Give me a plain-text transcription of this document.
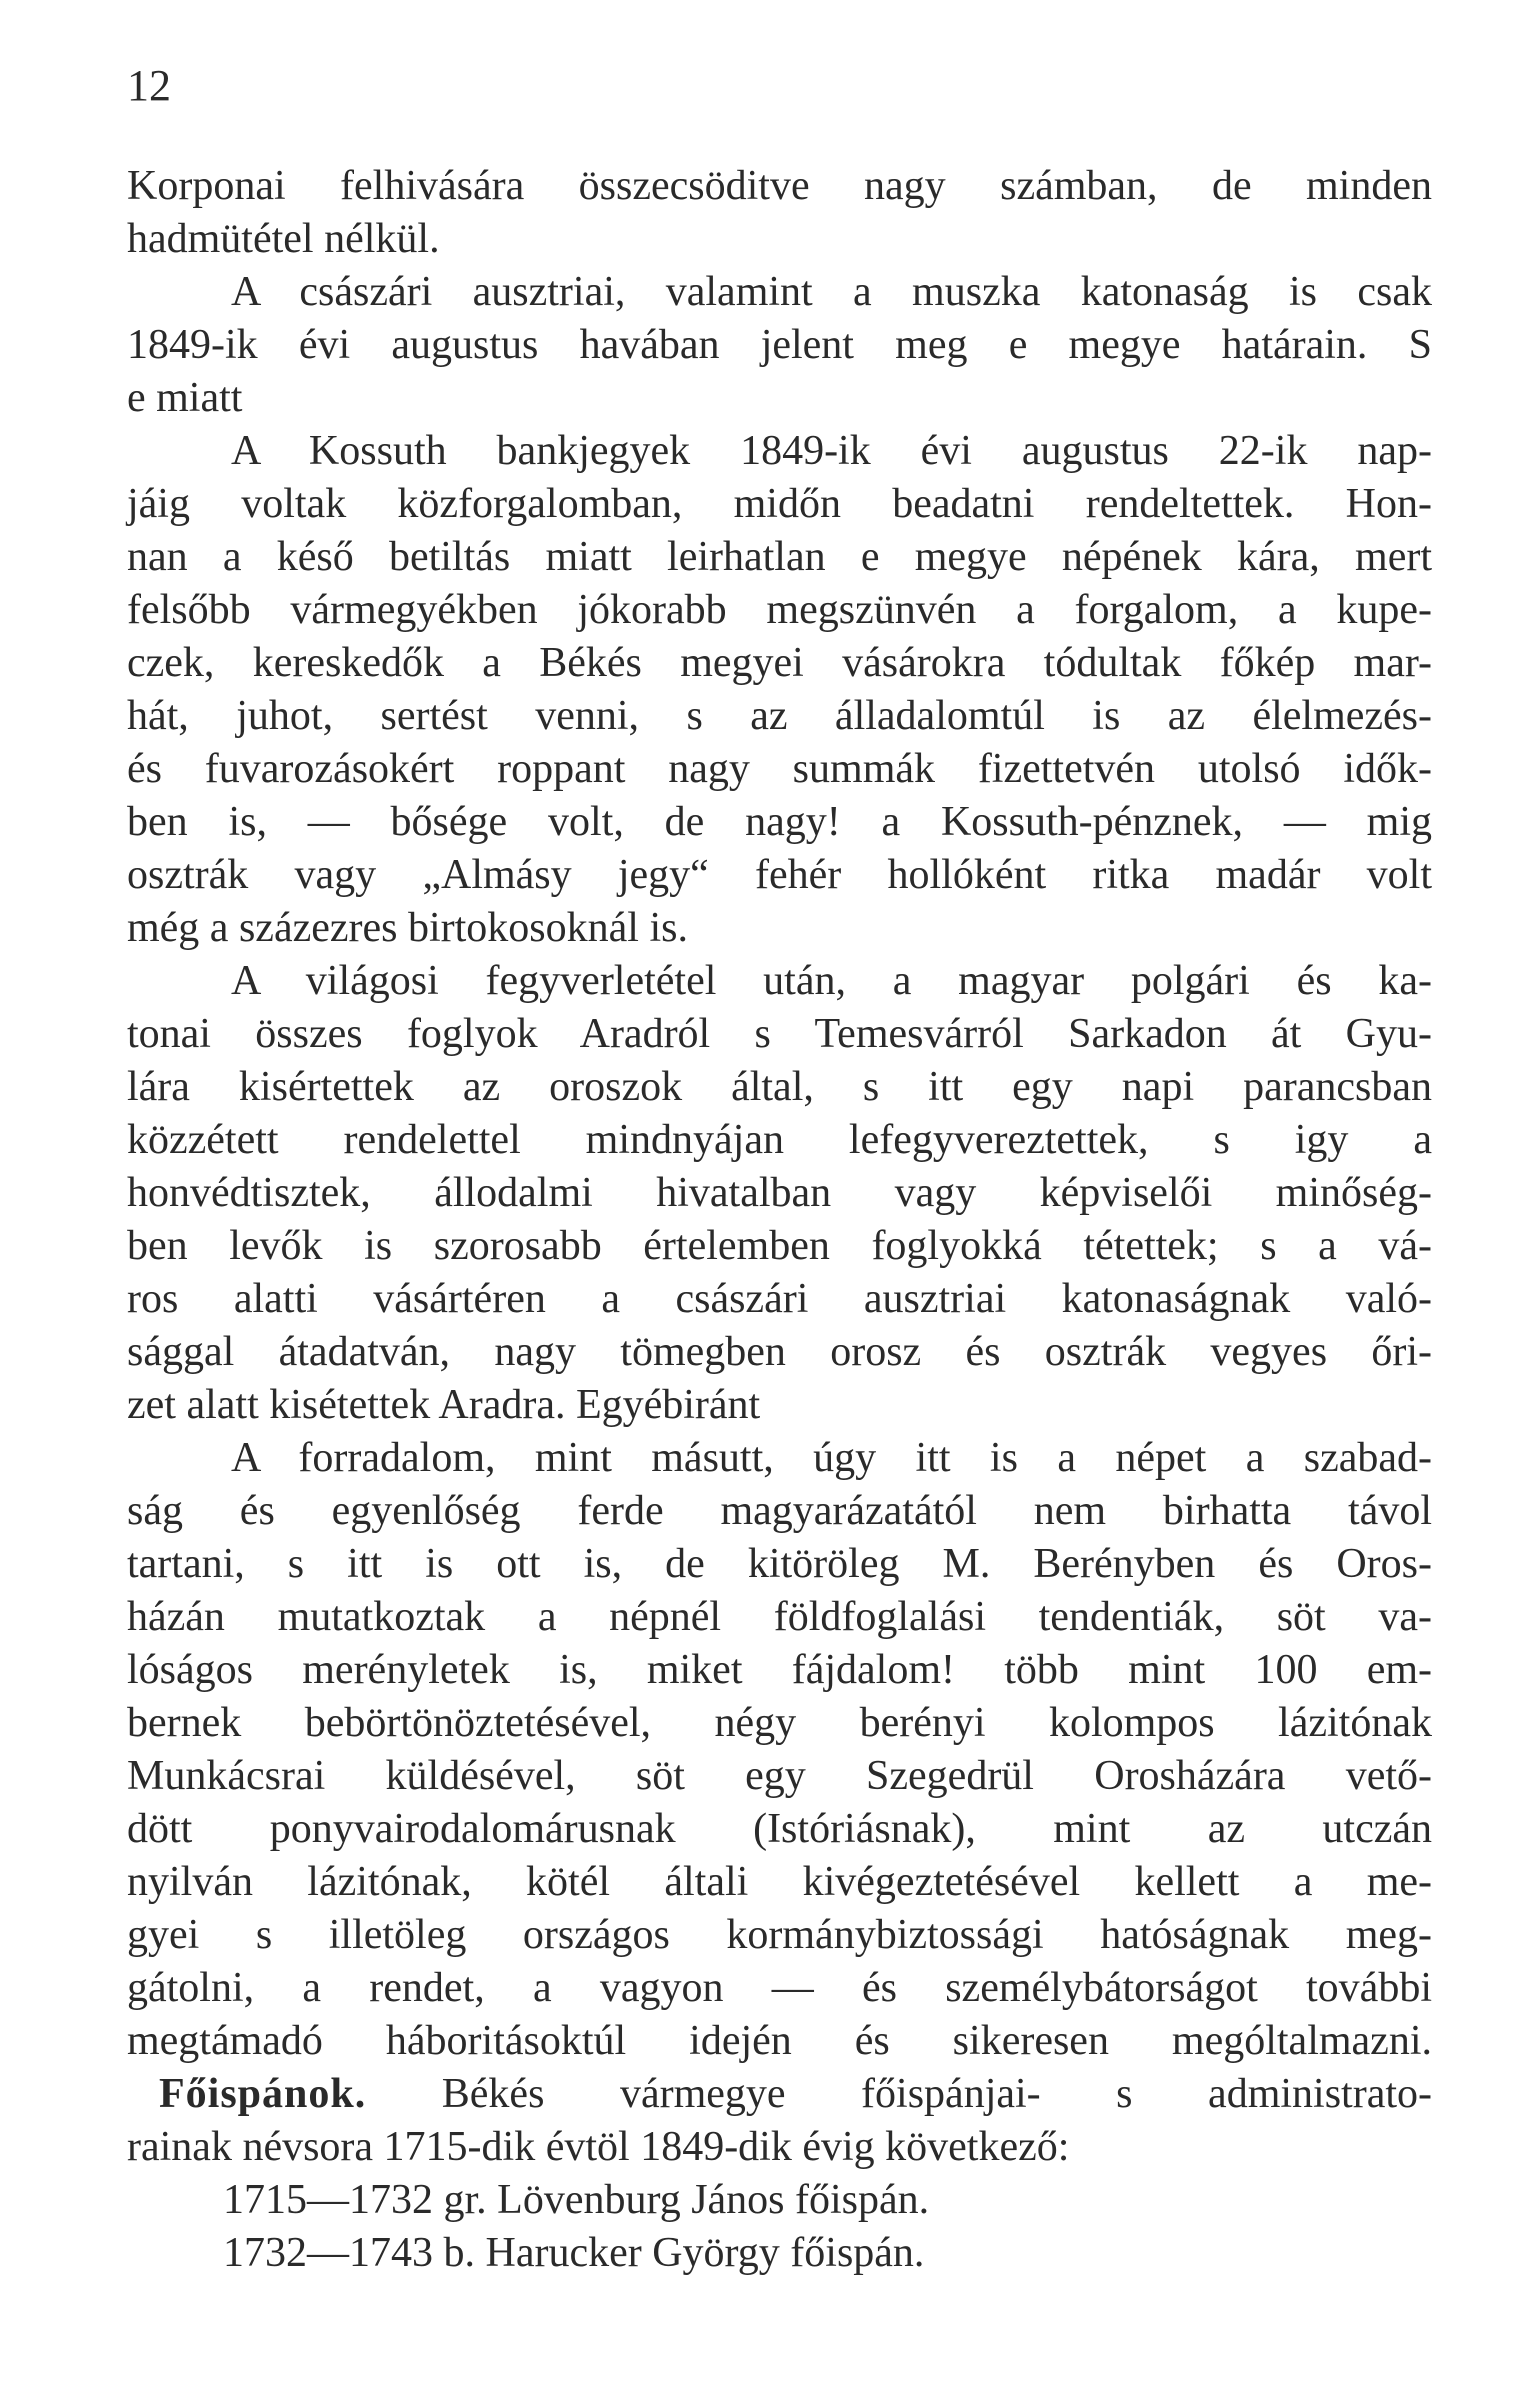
12
Korponai felhivására összecsöditve nagy számban, de minden
hadmütétel nélkül.
A császári ausztriai, valamint a muszka katonaság is csak
1849-ik évi augustus havában jelent meg e megye határain. S
e miatt
A Kossuth bankjegyek 1849-ik évi augustus 22-ik nap-
jáig voltak közforgalomban, midőn beadatni rendeltettek. Hon-
nan a késő betiltás miatt leirhatlan e megye népének kára, mert
felsőbb vármegyékben jókorabb megszünvén a forgalom, a kupe-
czek, kereskedők a Békés megyei vásárokra tódultak főkép mar-
hát, juhot, sertést venni, s az álladalomtúl is az élelmezés-
és fuvarozásokért roppant nagy summák fizettetvén utolsó idők-
ben is, — bősége volt, de nagy! a Kossuth-pénznek, — mig
osztrák vagy „Almásy jegy“ fehér hollóként ritka madár volt
még a százezres birtokosoknál is.
A világosi fegyverletétel után, a magyar polgári és ka-
tonai összes foglyok Aradról s Temesvárról Sarkadon át Gyu-
lára kisértettek az oroszok által, s itt egy napi parancsban
közzétett rendelettel mindnyájan lefegyvereztettek, s igy a
honvédtisztek, állodalmi hivatalban vagy képviselői minőség-
ben levők is szorosabb értelemben foglyokká tétettek; s a vá-
ros alatti vásártéren a császári ausztriai katonaságnak való-
sággal átadatván, nagy tömegben orosz és osztrák vegyes őri-
zet alatt kisétettek Aradra. Egyébiránt
A forradalom, mint másutt, úgy itt is a népet a szabad-
ság és egyenlőség ferde magyarázatától nem birhatta távol
tartani, s itt is ott is, de kitöröleg M. Berényben és Oros-
házán mutatkoztak a népnél földfoglalási tendentiák, söt va-
lóságos merényletek is, miket fájdalom! több mint 100 em-
bernek bebörtönöztetésével, négy berényi kolompos lázitónak
Munkácsrai küldésével, söt egy Szegedrül Orosházára vető-
dött ponyvairodalomárusnak (Istóriásnak), mint az utczán
nyilván lázitónak, kötél általi kivégeztetésével kellett a me-
gyei s illetöleg országos kormánybiztossági hatóságnak meg-
gátolni, a rendet, a vagyon — és személybátorságot további
megtámadó háboritásoktúl idején és sikeresen mególtalmazni.
Főispánok. Békés vármegye főispánjai- s administrato-
rainak névsora 1715-dik évtöl 1849-dik évig következő:
1715—1732 gr. Lövenburg János főispán.
1732—1743 b. Harucker György főispán.
